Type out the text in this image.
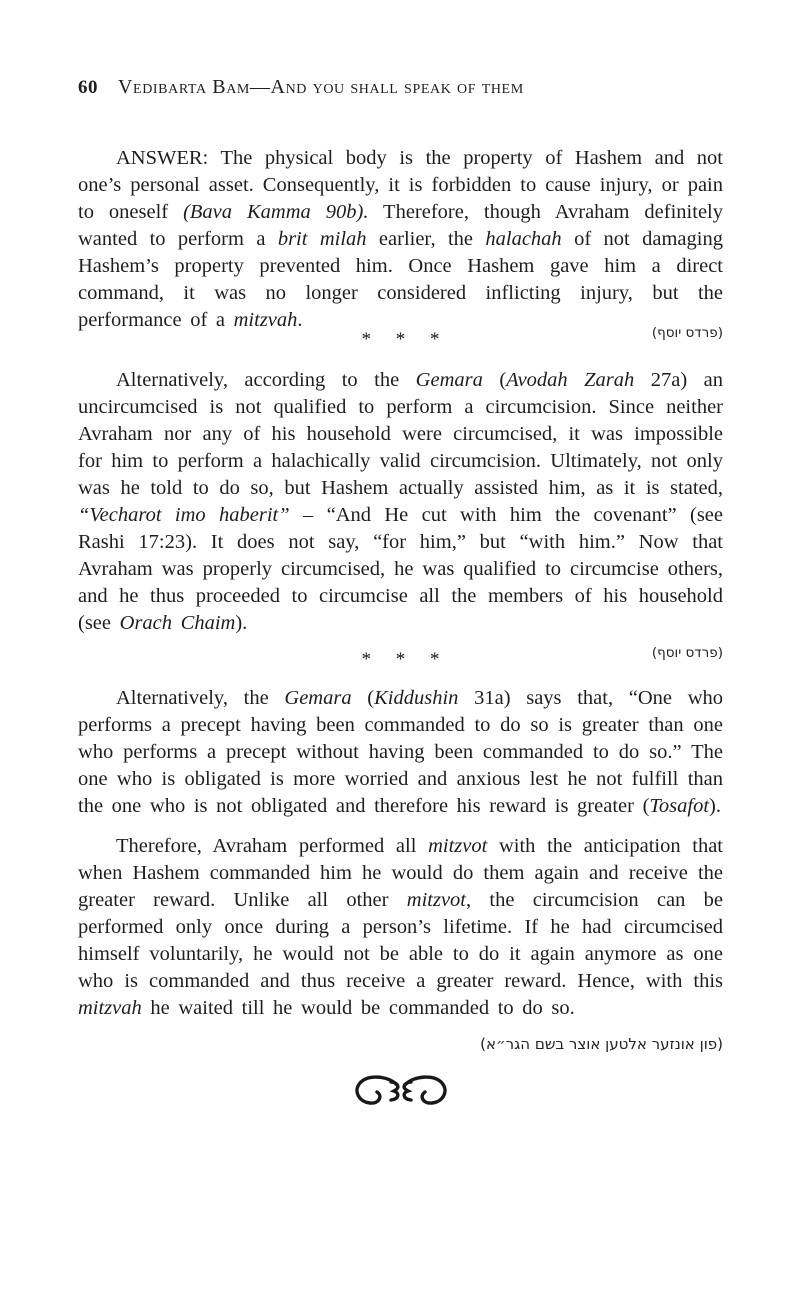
60 Vedibarta Bam—And you shall speak of them

ANSWER: The physical body is the property of Hashem and not one’s personal asset. Consequently, it is forbidden to cause injury, or pain to oneself (Bava Kamma 90b). Therefore, though Avraham definitely wanted to perform a brit milah earlier, the halachah of not damaging Hashem’s property prevented him. Once Hashem gave him a direct command, it was no longer considered inflicting injury, but the performance of a mitzvah.

* * *	(פרדס יוסף)

Alternatively, according to the Gemara (Avodah Zarah 27a) an uncircumcised is not qualified to perform a circumcision. Since neither Avraham nor any of his household were circumcised, it was impossible for him to perform a halachically valid circumcision. Ultimately, not only was he told to do so, but Hashem actually assisted him, as it is stated, “Vecharot imo haberit” – “And He cut with him the covenant” (see Rashi 17:23). It does not say, “for him,” but “with him.” Now that Avraham was properly circumcised, he was qualified to circumcise others, and he thus proceeded to circumcise all the members of his household (see Orach Chaim).

* * *	(פרדס יוסף)

Alternatively, the Gemara (Kiddushin 31a) says that, “One who performs a precept having been commanded to do so is greater than one who performs a precept without having been commanded to do so.” The one who is obligated is more worried and anxious lest he not fulfill than the one who is not obligated and therefore his reward is greater (Tosafot).

Therefore, Avraham performed all mitzvot with the anticipation that when Hashem commanded him he would do them again and receive the greater reward. Unlike all other mitzvot, the circumcision can be performed only once during a person’s lifetime. If he had circumcised himself voluntarily, he would not be able to do it again anymore as one who is commanded and thus receive a greater reward. Hence, with this mitzvah he waited till he would be commanded to do so.

(פון אונזער אלטען אוצר בשם הגר״א)
